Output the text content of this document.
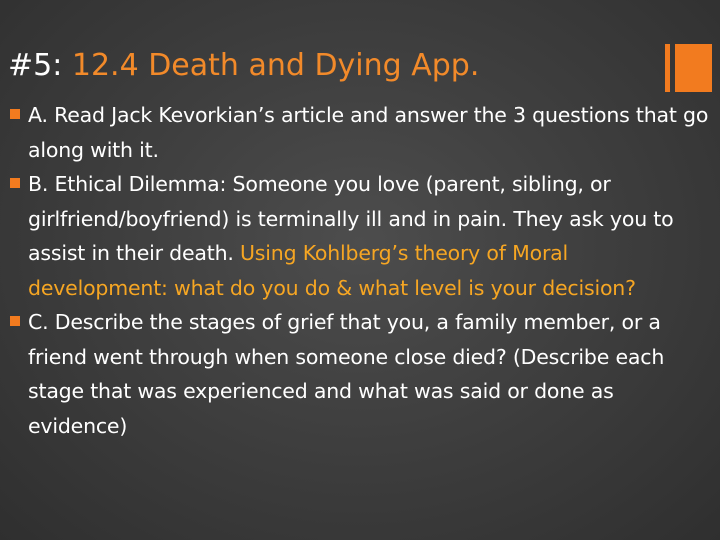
#5: 12.4 Death and Dying App.
A. Read Jack Kevorkian’s article and answer the 3 questions that go along with it.
B. Ethical Dilemma: Someone you love (parent, sibling, or girlfriend/boyfriend) is terminally ill and in pain. They ask you to assist in their death. Using Kohlberg’s theory of Moral development: what do you do & what level is your decision?
C. Describe the stages of grief that you, a family member, or a friend went through when someone close died? (Describe each stage that was experienced and what was said or done as evidence)
